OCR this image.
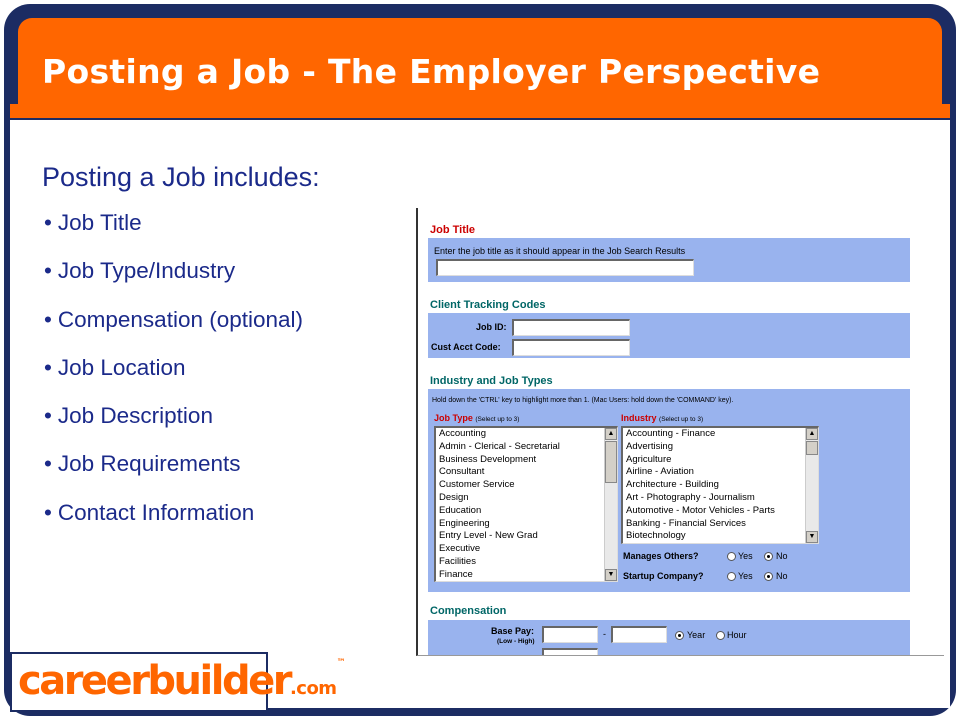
Posting a Job - The Employer Perspective
Posting a Job includes:
• Job Title
• Job Type/Industry
• Compensation (optional)
• Job Location
• Job Description
• Job Requirements
• Contact Information
careerbuilder.com™
Job Title
Enter the job title as it should appear in the Job Search Results
Client Tracking Codes
Job ID:
Cust Acct Code:
Industry and Job Types
Hold down the 'CTRL' key to highlight more than 1. (Mac Users: hold down the 'COMMAND' key).
Job Type (Select up to 3)
Accounting
Admin - Clerical - Secretarial
Business Development
Consultant
Customer Service
Design
Education
Engineering
Entry Level - New Grad
Executive
Facilities
Finance
▲
▼
Industry (Select up to 3)
Accounting - Finance
Advertising
Agriculture
Airline - Aviation
Architecture - Building
Art - Photography - Journalism
Automotive - Motor Vehicles - Parts
Banking - Financial Services
Biotechnology
▲
▼
Manages Others?	Yes	No
Startup Company?	Yes	No
Compensation
Base Pay:
(Low - High)
-	Year Hour
